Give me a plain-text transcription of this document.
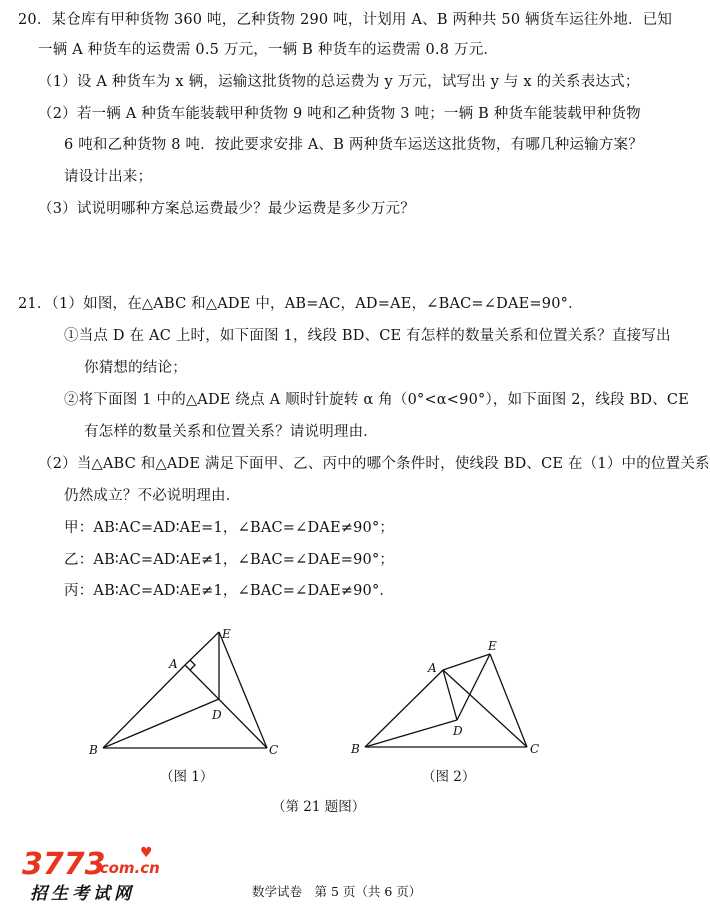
20．某仓库有甲种货物 360 吨，乙种货物 290 吨，计划用 A、B 两种共 50 辆货车运往外地．已知
一辆 A 种货车的运费需 0.5 万元，一辆 B 种货车的运费需 0.8 万元．
（1）设 A 种货车为 x 辆，运输这批货物的总运费为 y 万元，试写出 y 与 x 的关系表达式；
（2）若一辆 A 种货车能装载甲种货物 9 吨和乙种货物 3 吨；一辆 B 种货车能装载甲种货物
6 吨和乙种货物 8 吨．按此要求安排 A、B 两种货车运送这批货物，有哪几种运输方案？
请设计出来；
（3）试说明哪种方案总运费最少？最少运费是多少万元？
21．（1）如图，在△ABC 和△ADE 中，AB=AC，AD=AE，∠BAC=∠DAE=90°．
①当点 D 在 AC 上时，如下面图 1，线段 BD、CE 有怎样的数量关系和位置关系？直接写出
你猜想的结论；
②将下面图 1 中的△ADE 绕点 A 顺时针旋转 α 角（0°<α<90°），如下面图 2，线段 BD、CE
有怎样的数量关系和位置关系？请说明理由．
（2）当△ABC 和△ADE 满足下面甲、乙、丙中的哪个条件时，使线段 BD、CE 在（1）中的位置关系
仍然成立？不必说明理由．
甲：AB∶AC=AD∶AE=1，∠BAC=∠DAE≠90°；
乙：AB∶AC=AD∶AE≠1，∠BAC=∠DAE=90°；
丙：AB∶AC=AD∶AE≠1，∠BAC=∠DAE≠90°．
A
B	C
D
E
（图 1）
A
B	C
D
E
（图 2）
（第 21 题图）
3773
.com.cn
♥
招生考试网	数学试卷　第 5 页（共 6 页）
